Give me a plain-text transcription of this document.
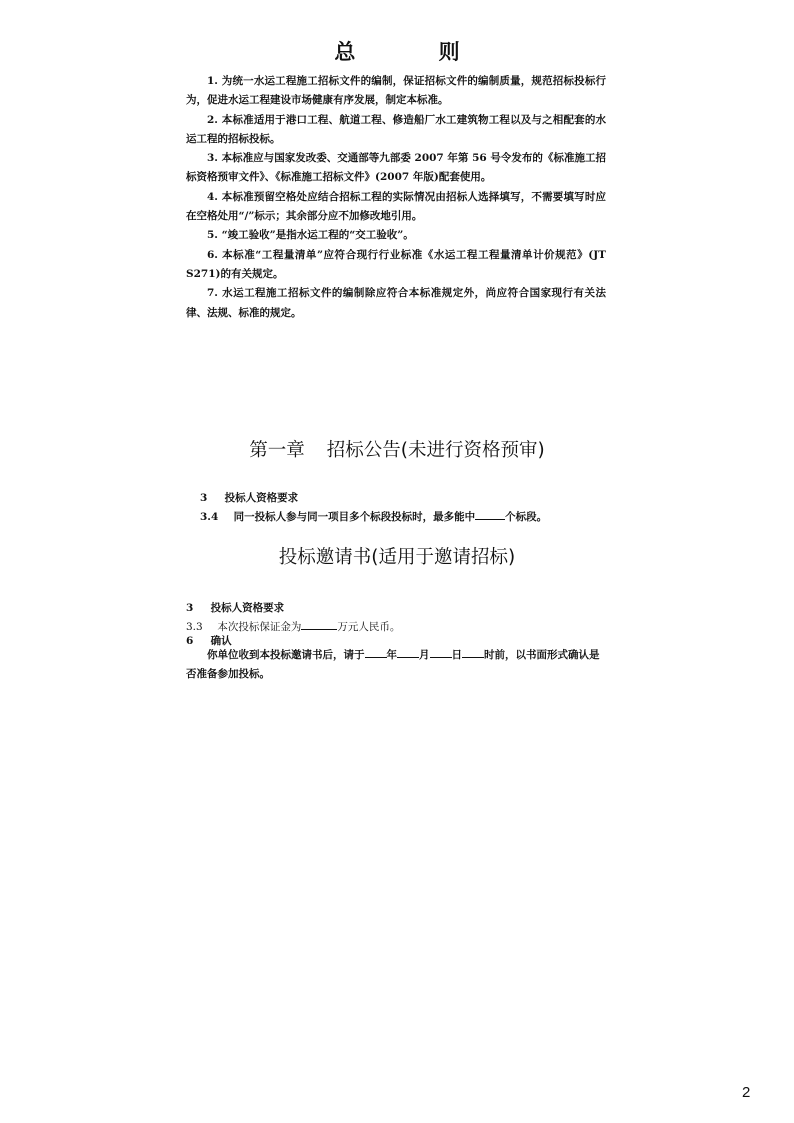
总 则

1. 为统一水运工程施工招标文件的编制，保证招标文件的编制质量，规范招标投标行为，促进水运工程建设市场健康有序发展，制定本标准。

2. 本标准适用于港口工程、航道工程、修造船厂水工建筑物工程以及与之相配套的水运工程的招标投标。

3. 本标准应与国家发改委、交通部等九部委 2007 年第 56 号令发布的《标准施工招标资格预审文件》、《标准施工招标文件》(2007 年版)配套使用。

4. 本标准预留空格处应结合招标工程的实际情况由招标人选择填写，不需要填写时应在空格处用“/”标示；其余部分应不加修改地引用。

5. “竣工验收”是指水运工程的“交工验收”。

6. 本标准“工程量清单”应符合现行行业标准《水运工程工程量清单计价规范》(JT S271)的有关规定。

7. 水运工程施工招标文件的编制除应符合本标准规定外，尚应符合国家现行有关法律、法规、标准的规定。

第一章 招标公告(未进行资格预审)
3 投标人资格要求
3.4 同一投标人参与同一项目多个标段投标时，最多能中	个标段。
投标邀请书(适用于邀请招标)
3 投标人资格要求
3.3 本次投标保证金为	万元人民币。
6 确认

你单位收到本投标邀请书后，请于 年 月 日 时前，以书面形式确认是否准备参加投标。

2
